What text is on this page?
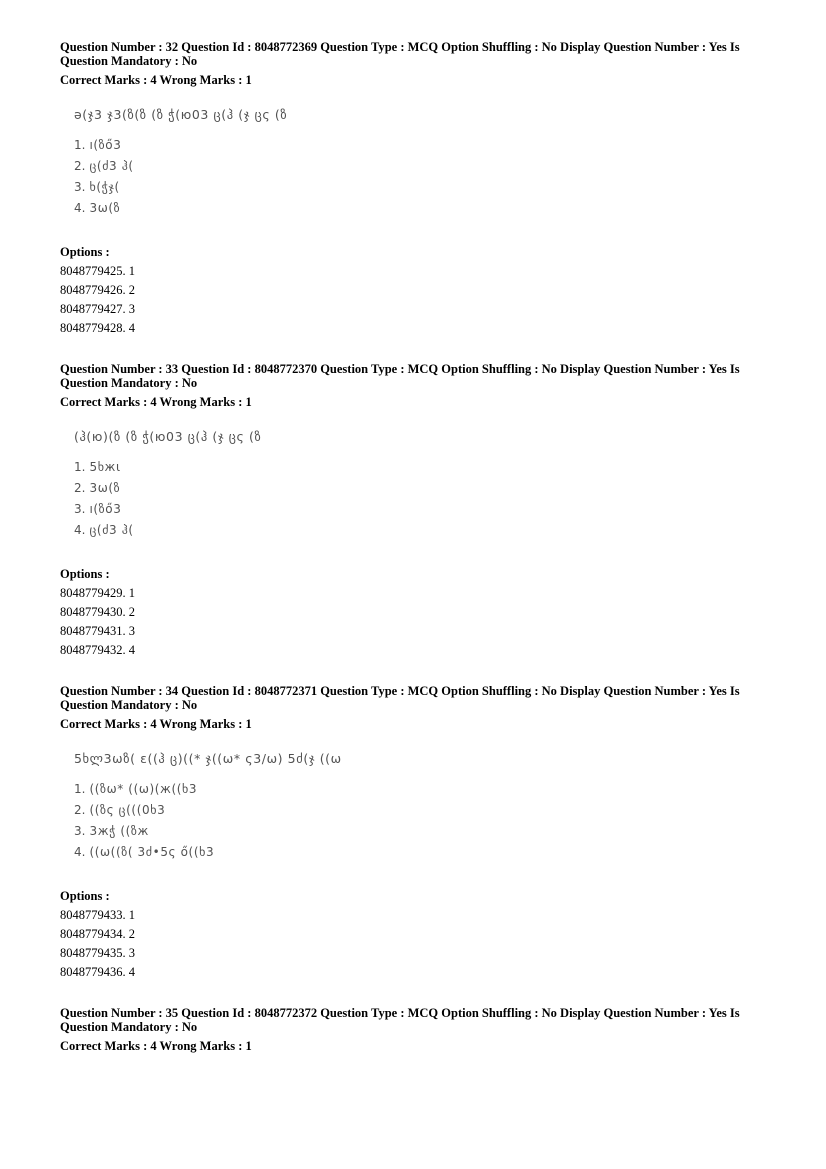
Question Number : 32 Question Id : 8048772369 Question Type : MCQ Option Shuffling : No Display Question Number : Yes Is
Question Mandatory : No
Correct Marks : 4 Wrong Marks : 1
ә(ჯ3 ჯ3(ზ(ზ (ზ ჭ(ю03 ც(ჰ (ჯ ცς (ზ
1. ı(ზő3
2. ც(ძ3 ჰ(
3. ხ(ჭჯ(
4. 3ω(ზ
Options :
8048779425. 1
8048779426. 2
8048779427. 3
8048779428. 4
Question Number : 33 Question Id : 8048772370 Question Type : MCQ Option Shuffling : No Display Question Number : Yes Is
Question Mandatory : No
Correct Marks : 4 Wrong Marks : 1
(ჰ(ю)(ზ (ზ ჭ(ю03 ც(ჰ (ჯ ცς (ზ
1. 5ხжι
2. 3ω(ზ
3. ı(ზő3
4. ც(ძ3 ჰ(
Options :
8048779429. 1
8048779430. 2
8048779431. 3
8048779432. 4
Question Number : 34 Question Id : 8048772371 Question Type : MCQ Option Shuffling : No Display Question Number : Yes Is
Question Mandatory : No
Correct Marks : 4 Wrong Marks : 1
5ხლ3ωზ( ε((ჰ ც)((* ჯ((ω* ς3/ω) 5ძ(ჯ ((ω
1. ((ზω* ((ω)(ж((ხ3
2. ((ზς ც(((0ხ3
3. 3жჭ ((ზж
4. ((ω((ზ( 3ძ•5ς ő((ხ3
Options :
8048779433. 1
8048779434. 2
8048779435. 3
8048779436. 4
Question Number : 35 Question Id : 8048772372 Question Type : MCQ Option Shuffling : No Display Question Number : Yes Is
Question Mandatory : No
Correct Marks : 4 Wrong Marks : 1
